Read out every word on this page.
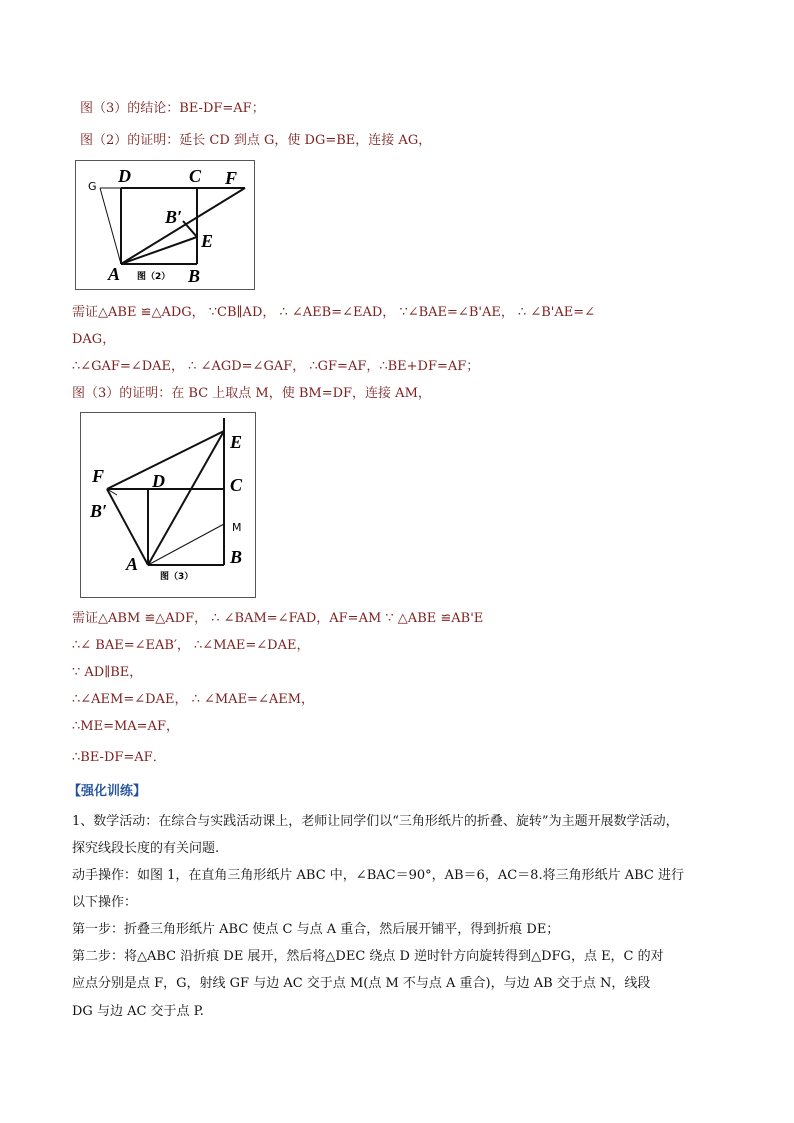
图（3）的结论：BE-DF=AF；
图（2）的证明：延长 CD 到点 G，使 DG=BE，连接 AG，
D	C F
G
B′
E
A	B
图（2）
需证△ABE ≌△ADG， ∵CB∥AD， ∴ ∠AEB=∠EAD， ∵∠BAE=∠B'AE， ∴ ∠B'AE=∠
DAG，
∴∠GAF=∠DAE， ∴ ∠AGD=∠GAF， ∴GF=AF，∴BE+DF=AF；
图（3）的证明：在 BC 上取点 M，使 BM=DF，连接 AM，
E
F	D	C
B′
M
A	B
图（3）
需证△ABM ≌△ADF， ∴ ∠BAM=∠FAD，AF=AM ∵ △ABE ≌AB'E
∴∠ BAE=∠EAB′， ∴∠MAE=∠DAE，
∵ AD∥BE，
∴∠AEM=∠DAE， ∴ ∠MAE=∠AEM，
∴ME=MA=AF，
∴BE-DF=AF．
【强化训练】
1、数学活动：在综合与实践活动课上，老师让同学们以“三角形纸片的折叠、旋转”为主题开展数学活动，
探究线段长度的有关问题.
动手操作：如图 1，在直角三角形纸片 ABC 中，∠BAC＝90°，AB＝6，AC＝8.将三角形纸片 ABC 进行
以下操作：
第一步：折叠三角形纸片 ABC 使点 C 与点 A 重合，然后展开铺平，得到折痕 DE；
第二步：将△ABC 沿折痕 DE 展开，然后将△DEC 绕点 D 逆时针方向旋转得到△DFG，点 E，C 的对
应点分别是点 F，G，射线 GF 与边 AC 交于点 M(点 M 不与点 A 重合)，与边 AB 交于点 N，线段
DG 与边 AC 交于点 P.
